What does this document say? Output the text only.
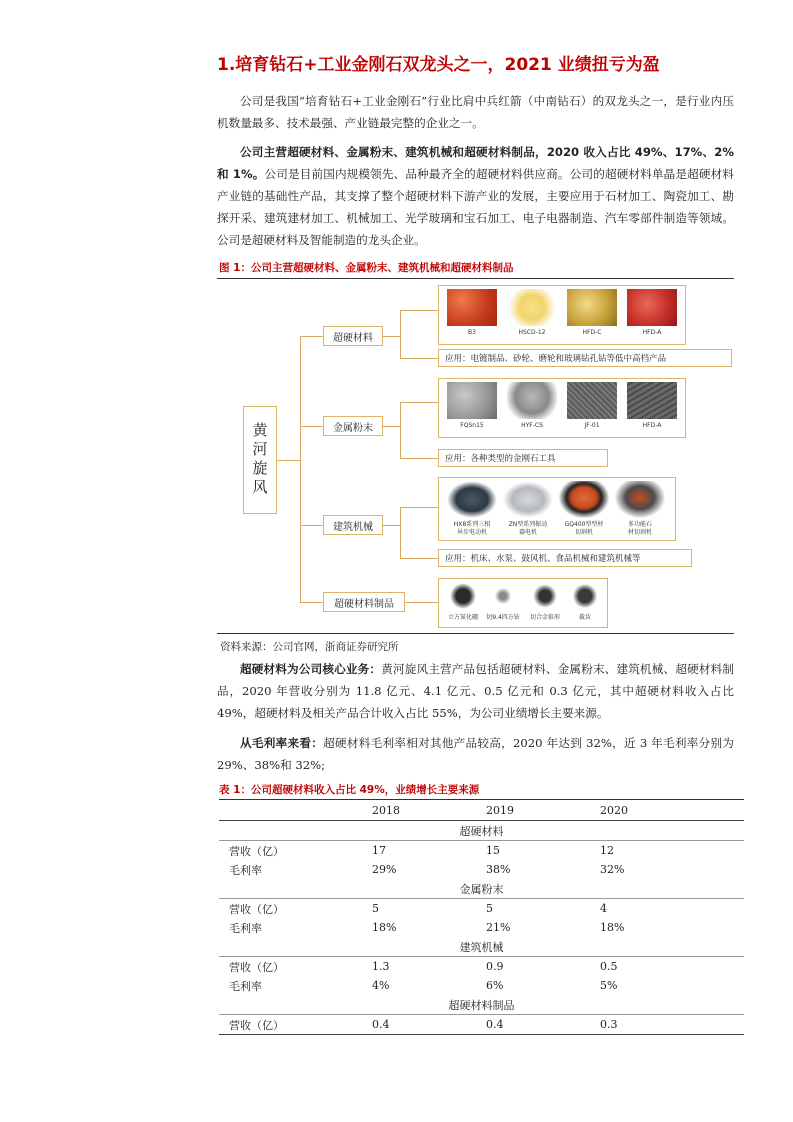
1.培育钻石+工业金刚石双龙头之一，2021 业绩扭亏为盈

公司是我国“培育钻石+工业金刚石”行业比肩中兵红箭（中南钻石）的双龙头之一，是行业内压机数量最多、技术最强、产业链最完整的企业之一。

公司主营超硬材料、金属粉末、建筑机械和超硬材料制品，2020 收入占比 49%、17%、2%和 1%。公司是目前国内规模领先、品种最齐全的超硬材料供应商。公司的超硬材料单晶是超硬材料产业链的基础性产品，其支撑了整个超硬材料下游产业的发展，主要应用于石材加工、陶瓷加工、勘探开采、建筑建材加工、机械加工、光学玻璃和宝石加工、电子电器制造、汽车零部件制造等领域。公司是超硬材料及智能制造的龙头企业。

图 1：公司主营超硬材料、金属粉末、建筑机械和超硬材料制品

黄河旋风
超硬材料
金属粉末
建筑机械
超硬材料制品
B3	HSCD-12	HFD-C	HFD-A
应用：电镀制品、砂轮、磨轮和玻璃钻孔钻等低中高档产品
FQSn15	HYF-CS	JF-01	HFD-A
应用：各种类型的金刚石工具
HX8系列三相
异步电动机
ZN型系列振动
器电机
GQ400型型材
切割机
多功能石
材切割机
应用：机床、水泵、鼓风机、食品机械和建筑机械等
立方氮化硼	切9.4四方钻	切合金锥形	截齿

资料来源：公司官网，浙商证券研究所

超硬材料为公司核心业务：黄河旋风主营产品包括超硬材料、金属粉末、建筑机械、超硬材料制品，2020 年营收分别为 11.8 亿元、4.1 亿元、0.5 亿元和 0.3 亿元，其中超硬材料收入占比 49%，超硬材料及相关产品合计收入占比 55%，为公司业绩增长主要来源。

从毛利率来看：超硬材料毛利率相对其他产品较高，2020 年达到 32%，近 3 年毛利率分别为 29%、38%和 32%;

表 1：公司超硬材料收入占比 49%，业绩增长主要来源

	2018	2019	2020
超硬材料			
营收（亿）	17	15	12
毛利率	29%	38%	32%
金属粉末			
营收（亿）	5	5	4
毛利率	18%	21%	18%
建筑机械			
营收（亿）	1.3	0.9	0.5
毛利率	4%	6%	5%
超硬材料制品			
营收（亿）	0.4	0.4	0.3
